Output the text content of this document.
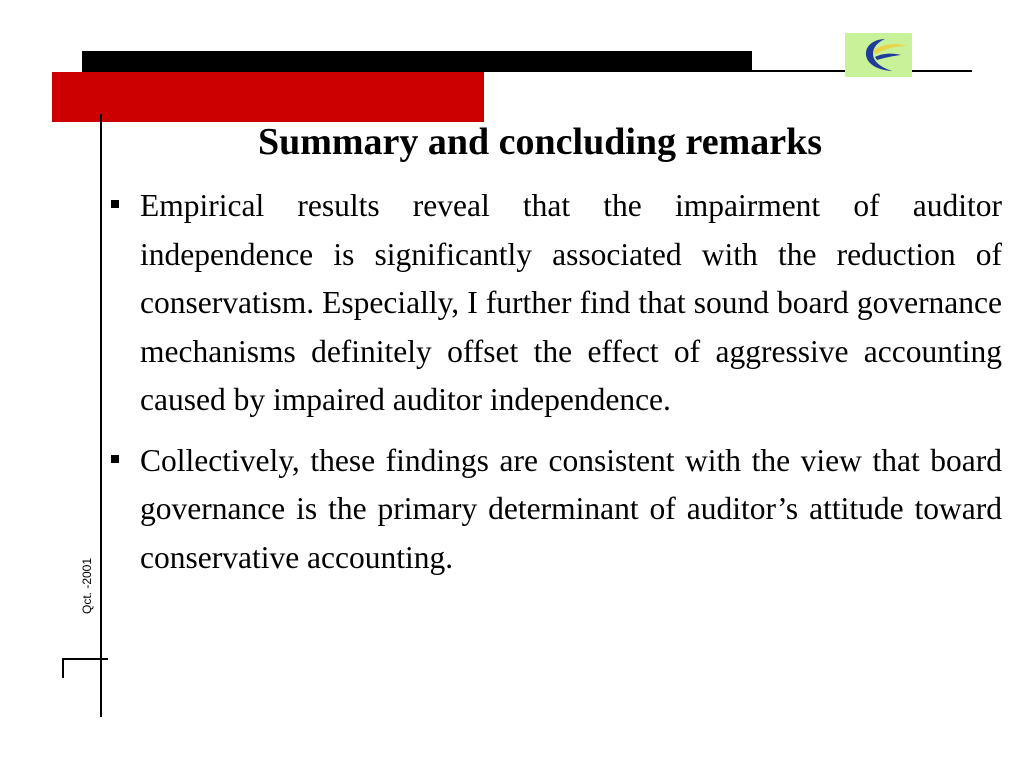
Qct. -2001
Summary and concluding remarks
Empirical results reveal that the impairment of auditor independence is significantly associated with the reduction of conservatism. Especially, I further find that sound board governance mechanisms definitely offset the effect of aggressive accounting caused by impaired auditor independence.
Collectively, these findings are consistent with the view that board governance is the primary determinant of auditor’s attitude toward conservative accounting.
